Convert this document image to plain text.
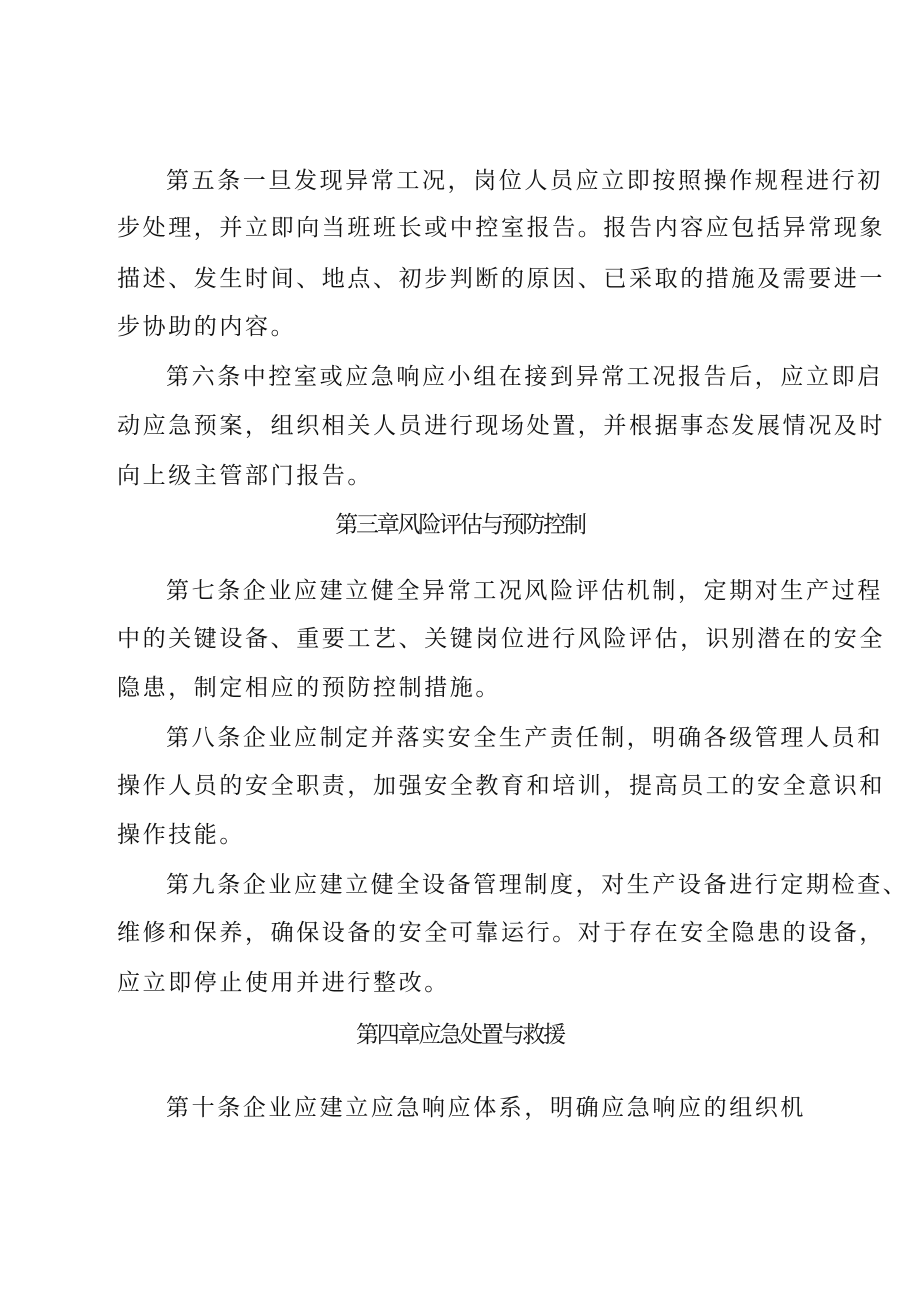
第五条一旦发现异常工况，岗位人员应立即按照操作规程进行初
步处理，并立即向当班班长或中控室报告。报告内容应包括异常现象
描述、发生时间、地点、初步判断的原因、已采取的措施及需要进一
步协助的内容。
第六条中控室或应急响应小组在接到异常工况报告后，应立即启
动应急预案，组织相关人员进行现场处置，并根据事态发展情况及时
向上级主管部门报告。
第三章风险评估与预防控制
第七条企业应建立健全异常工况风险评估机制，定期对生产过程
中的关键设备、重要工艺、关键岗位进行风险评估，识别潜在的安全
隐患，制定相应的预防控制措施。
第八条企业应制定并落实安全生产责任制，明确各级管理人员和
操作人员的安全职责，加强安全教育和培训，提高员工的安全意识和
操作技能。
第九条企业应建立健全设备管理制度，对生产设备进行定期检查、
维修和保养，确保设备的安全可靠运行。对于存在安全隐患的设备，
应立即停止使用并进行整改。
第四章应急处置与救援
第十条企业应建立应急响应体系，明确应急响应的组织机
